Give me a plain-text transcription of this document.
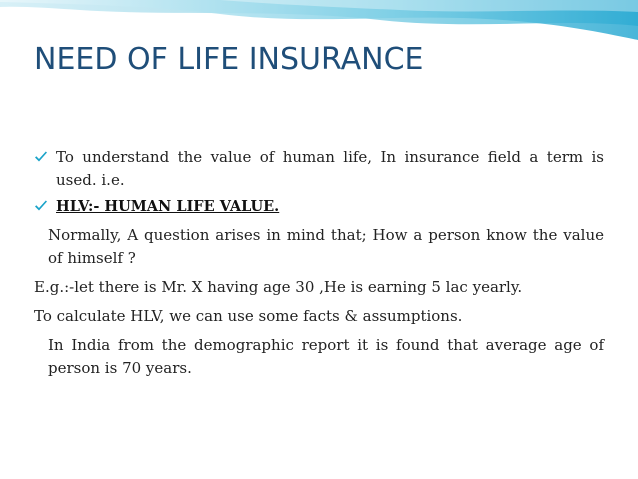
NEED OF LIFE INSURANCE
To understand the value of human life, In insurance field a term is
used. i.e.
HLV:- HUMAN LIFE VALUE.
Normally, A question arises in mind that; How a person know the value
of himself ?
E.g.:-let there is Mr. X having age 30 ,He is earning 5 lac yearly.
To calculate HLV, we can use some facts & assumptions.
In India from the demographic report it is found that average age of
person is 70 years.
